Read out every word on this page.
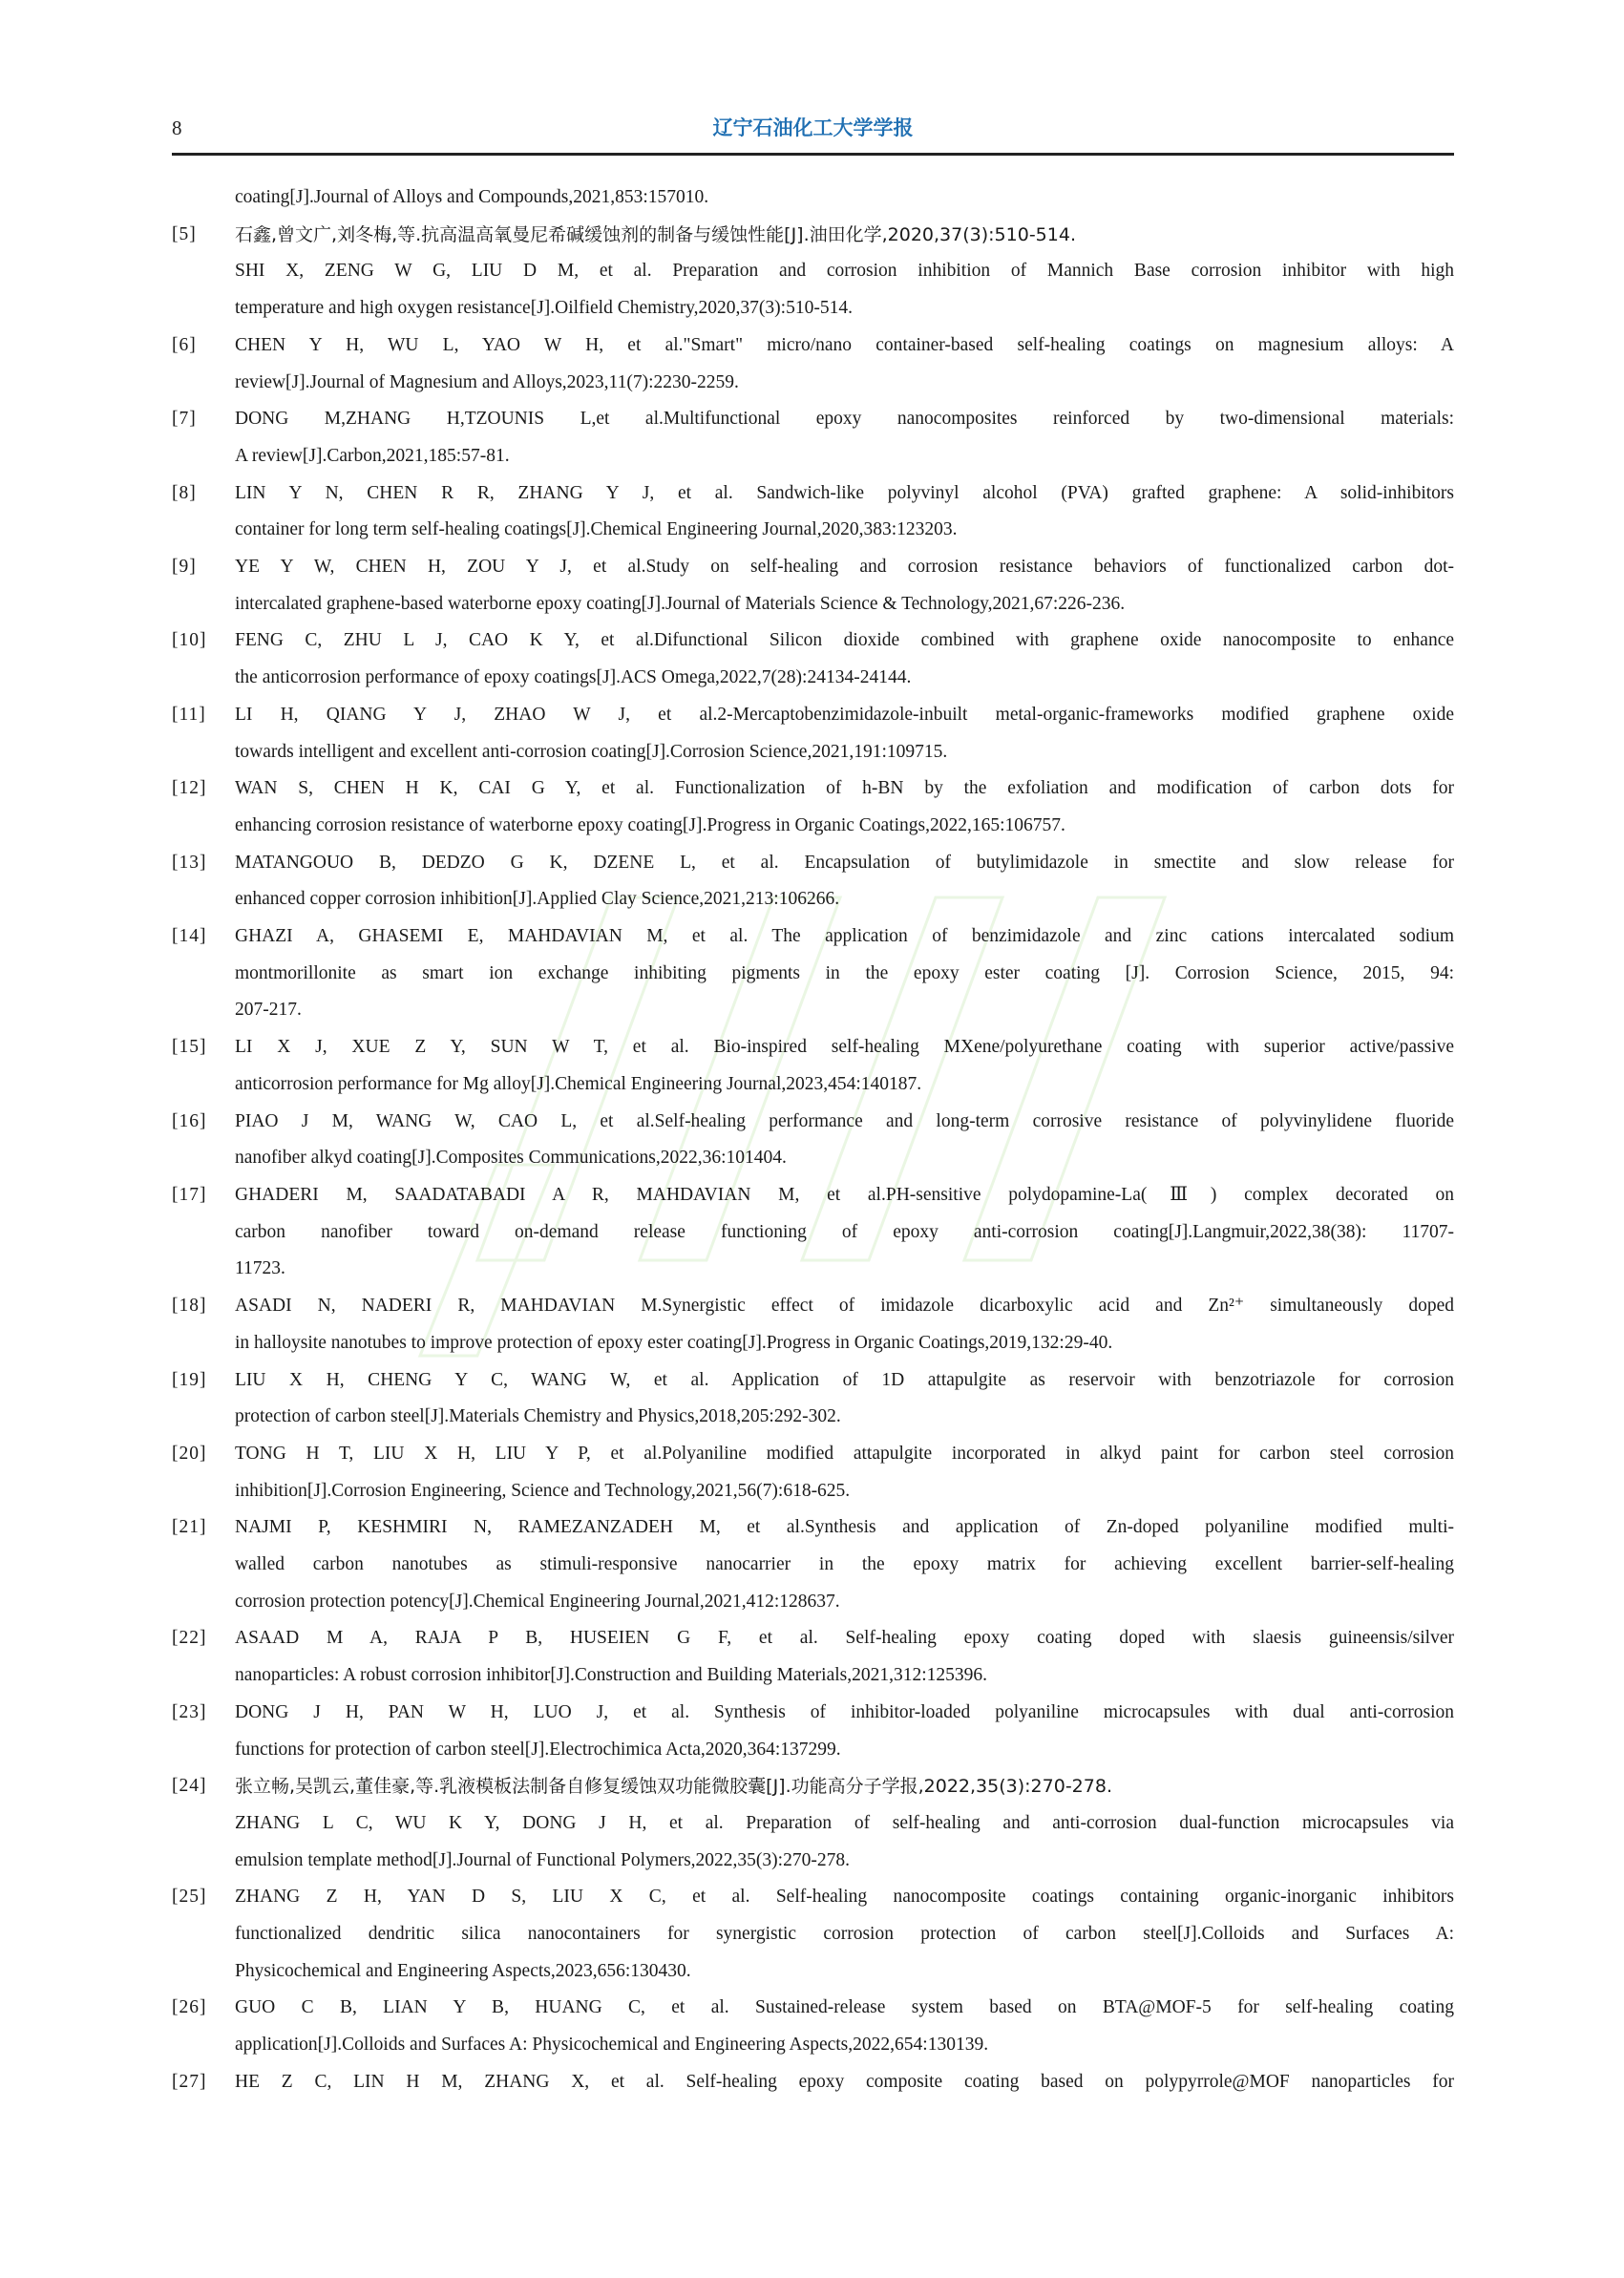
8	辽宁石油化工大学学报
coating[J].Journal of Alloys and Compounds,2021,853:157010.
[5] 石鑫,曾文广,刘冬梅,等.抗高温高氧曼尼希碱缓蚀剂的制备与缓蚀性能[J].油田化学,2020,37(3):510-514.
SHI X, ZENG W G, LIU D M, et al. Preparation and corrosion inhibition of Mannich Base corrosion inhibitor with high
temperature and high oxygen resistance[J].Oilfield Chemistry,2020,37(3):510-514.
[6] CHEN Y H, WU L, YAO W H, et al."Smart" micro/nano container-based self-healing coatings on magnesium alloys: A
review[J].Journal of Magnesium and Alloys,2023,11(7):2230-2259.
[7] DONG M,ZHANG H,TZOUNIS L,et al.Multifunctional epoxy nanocomposites reinforced by two-dimensional materials:
A review[J].Carbon,2021,185:57-81.
[8] LIN Y N, CHEN R R, ZHANG Y J, et al. Sandwich-like polyvinyl alcohol (PVA) grafted graphene: A solid-inhibitors
container for long term self-healing coatings[J].Chemical Engineering Journal,2020,383:123203.
[9] YE Y W, CHEN H, ZOU Y J, et al.Study on self-healing and corrosion resistance behaviors of functionalized carbon dot-
intercalated graphene-based waterborne epoxy coating[J].Journal of Materials Science & Technology,2021,67:226-236.
[10] FENG C, ZHU L J, CAO K Y, et al.Difunctional Silicon dioxide combined with graphene oxide nanocomposite to enhance
the anticorrosion performance of epoxy coatings[J].ACS Omega,2022,7(28):24134-24144.
[11] LI H, QIANG Y J, ZHAO W J, et al.2-Mercaptobenzimidazole-inbuilt metal-organic-frameworks modified graphene oxide
towards intelligent and excellent anti-corrosion coating[J].Corrosion Science,2021,191:109715.
[12] WAN S, CHEN H K, CAI G Y, et al. Functionalization of h-BN by the exfoliation and modification of carbon dots for
enhancing corrosion resistance of waterborne epoxy coating[J].Progress in Organic Coatings,2022,165:106757.
[13] MATANGOUO B, DEDZO G K, DZENE L, et al. Encapsulation of butylimidazole in smectite and slow release for
enhanced copper corrosion inhibition[J].Applied Clay Science,2021,213:106266.
[14] GHAZI A, GHASEMI E, MAHDAVIAN M, et al. The application of benzimidazole and zinc cations intercalated sodium
montmorillonite as smart ion exchange inhibiting pigments in the epoxy ester coating [J]. Corrosion Science, 2015, 94:
207-217.
[15] LI X J, XUE Z Y, SUN W T, et al. Bio-inspired self-healing MXene/polyurethane coating with superior active/passive
anticorrosion performance for Mg alloy[J].Chemical Engineering Journal,2023,454:140187.
[16] PIAO J M, WANG W, CAO L, et al.Self-healing performance and long-term corrosive resistance of polyvinylidene fluoride
nanofiber alkyd coating[J].Composites Communications,2022,36:101404.
[17] GHADERI M, SAADATABADI A R, MAHDAVIAN M, et al.PH-sensitive polydopamine-La(Ⅲ) complex decorated on
carbon nanofiber toward on-demand release functioning of epoxy anti-corrosion coating[J].Langmuir,2022,38(38): 11707-
11723.
[18] ASADI N, NADERI R, MAHDAVIAN M.Synergistic effect of imidazole dicarboxylic acid and Zn²⁺ simultaneously doped
in halloysite nanotubes to improve protection of epoxy ester coating[J].Progress in Organic Coatings,2019,132:29-40.
[19] LIU X H, CHENG Y C, WANG W, et al. Application of 1D attapulgite as reservoir with benzotriazole for corrosion
protection of carbon steel[J].Materials Chemistry and Physics,2018,205:292-302.
[20] TONG H T, LIU X H, LIU Y P, et al.Polyaniline modified attapulgite incorporated in alkyd paint for carbon steel corrosion
inhibition[J].Corrosion Engineering, Science and Technology,2021,56(7):618-625.
[21] NAJMI P, KESHMIRI N, RAMEZANZADEH M, et al.Synthesis and application of Zn-doped polyaniline modified multi-
walled carbon nanotubes as stimuli-responsive nanocarrier in the epoxy matrix for achieving excellent barrier-self-healing
corrosion protection potency[J].Chemical Engineering Journal,2021,412:128637.
[22] ASAAD M A, RAJA P B, HUSEIEN G F, et al. Self-healing epoxy coating doped with slaesis guineensis/silver
nanoparticles: A robust corrosion inhibitor[J].Construction and Building Materials,2021,312:125396.
[23] DONG J H, PAN W H, LUO J, et al. Synthesis of inhibitor-loaded polyaniline microcapsules with dual anti-corrosion
functions for protection of carbon steel[J].Electrochimica Acta,2020,364:137299.
[24] 张立畅,吴凯云,董佳豪,等.乳液模板法制备自修复缓蚀双功能微胶囊[J].功能高分子学报,2022,35(3):270-278.
ZHANG L C, WU K Y, DONG J H, et al. Preparation of self-healing and anti-corrosion dual-function microcapsules via
emulsion template method[J].Journal of Functional Polymers,2022,35(3):270-278.
[25] ZHANG Z H, YAN D S, LIU X C, et al. Self-healing nanocomposite coatings containing organic-inorganic inhibitors
functionalized dendritic silica nanocontainers for synergistic corrosion protection of carbon steel[J].Colloids and Surfaces A:
Physicochemical and Engineering Aspects,2023,656:130430.
[26] GUO C B, LIAN Y B, HUANG C, et al. Sustained-release system based on BTA@MOF-5 for self-healing coating
application[J].Colloids and Surfaces A: Physicochemical and Engineering Aspects,2022,654:130139.
[27] HE Z C, LIN H M, ZHANG X, et al. Self-healing epoxy composite coating based on polypyrrole@MOF nanoparticles for
